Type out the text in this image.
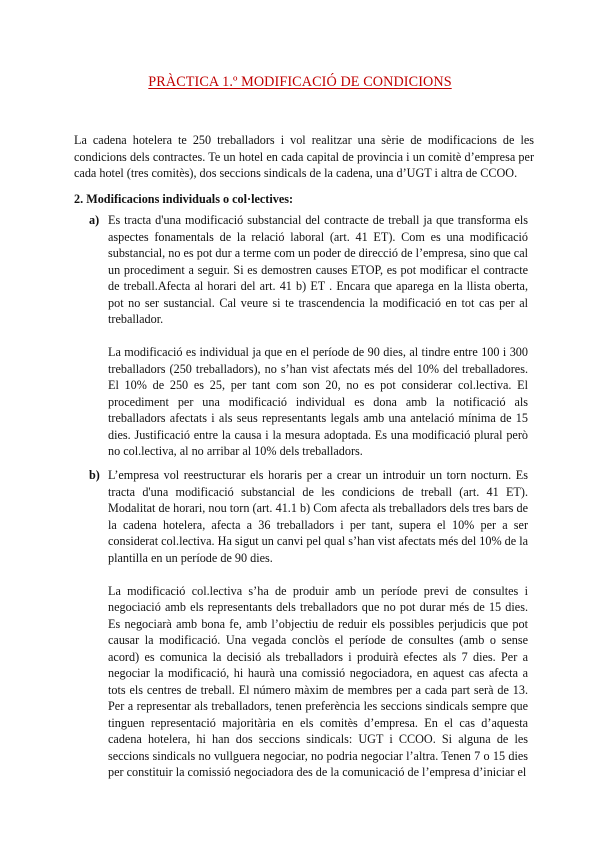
PRÀCTICA 1.º MODIFICACIÓ DE CONDICIONS

La cadena hotelera te 250 treballadors i vol realitzar una sèrie de modificacions de les condicions dels contractes. Te un hotel en cada capital de provincia i un comitè d’empresa per cada hotel (tres comitès), dos seccions sindicals de la cadena, una d’UGT i altra de CCOO.

2. Modificacions individuals o col·lectives:
a) Es tracta d'una modificació substancial del contracte de treball ja que transforma els aspectes fonamentals de la relació laboral (art. 41 ET). Com es una modificació substancial, no es pot dur a terme com un poder de direcció de l’empresa, sino que cal un procediment a seguir. Si es demostren causes ETOP, es pot modificar el contracte de treball.Afecta al horari del art. 41 b) ET . Encara que aparega en la llista oberta, pot no ser sustancial. Cal veure si te trascendencia la modificació en tot cas per al treballador.

La modificació es individual ja que en el període de 90 dies, al tindre entre 100 i 300 treballadors (250 treballadors), no s’han vist afectats més del 10% del treballadores. El 10% de 250 es 25, per tant com son 20, no es pot considerar col.lectiva. El procediment per una modificació individual es dona amb la notificació als treballadors afectats i als seus representants legals amb una antelació mínima de 15 dies. Justificació entre la causa i la mesura adoptada. Es una modificació plural però no col.lectiva, al no arribar al 10% dels treballadors.

b) L’empresa vol reestructurar els horaris per a crear un introduir un torn nocturn. Es tracta d'una modificació substancial de les condicions de treball (art. 41 ET). Modalitat de horari, nou torn (art. 41.1 b) Com afecta als treballadors dels tres bars de la cadena hotelera, afecta a 36 treballadors i per tant, supera el 10% per a ser considerat col.lectiva. Ha sigut un canvi pel qual s’han vist afectats més del 10% de la plantilla en un període de 90 dies.

La modificació col.lectiva s’ha de produir amb un període previ de consultes i negociació amb els representants dels treballadors que no pot durar més de 15 dies. Es negociarà amb bona fe, amb l’objectiu de reduir els possibles perjudicis que pot causar la modificació. Una vegada conclòs el període de consultes (amb o sense acord) es comunica la decisió als treballadors i produirà efectes als 7 dies. Per a negociar la modificació, hi haurà una comissió negociadora, en aquest cas afecta a tots els centres de treball. El número màxim de membres per a cada part serà de 13. Per a representar als treballadors, tenen preferència les seccions sindicals sempre que tinguen representació majoritària en els comitès d’empresa. En el cas d’aquesta cadena hotelera, hi han dos seccions sindicals: UGT i CCOO. Si alguna de les seccions sindicals no vullguera negociar, no podria negociar l’altra. Tenen 7 o 15 dies per constituir la comissió negociadora des de la comunicació de l’empresa d’iniciar el
